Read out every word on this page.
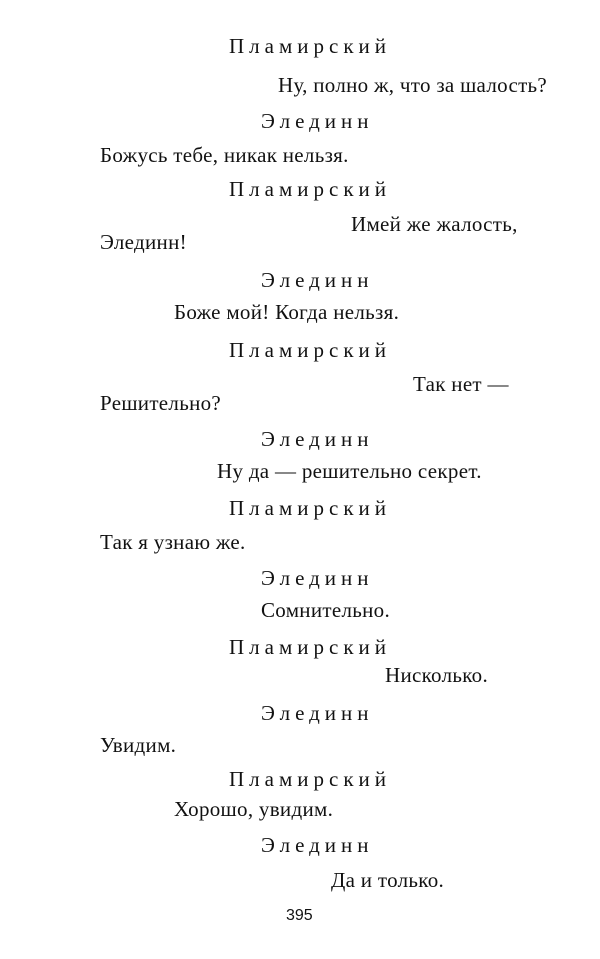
Пламирский
Ну, полно ж, что за шалость?
Элединн
Божусь тебе, никак нельзя.
Пламирский
Имей же жалость,
Элединн!
Элединн
Боже мой! Когда нельзя.
Пламирский
Так нет —
Решительно?
Элединн
Ну да — решительно секрет.
Пламирский
Так я узнаю же.
Элединн
Сомнительно.
Пламирский
Нисколько.
Элединн
Увидим.
Пламирский
Хорошо, увидим.
Элединн
Да и только.
395
